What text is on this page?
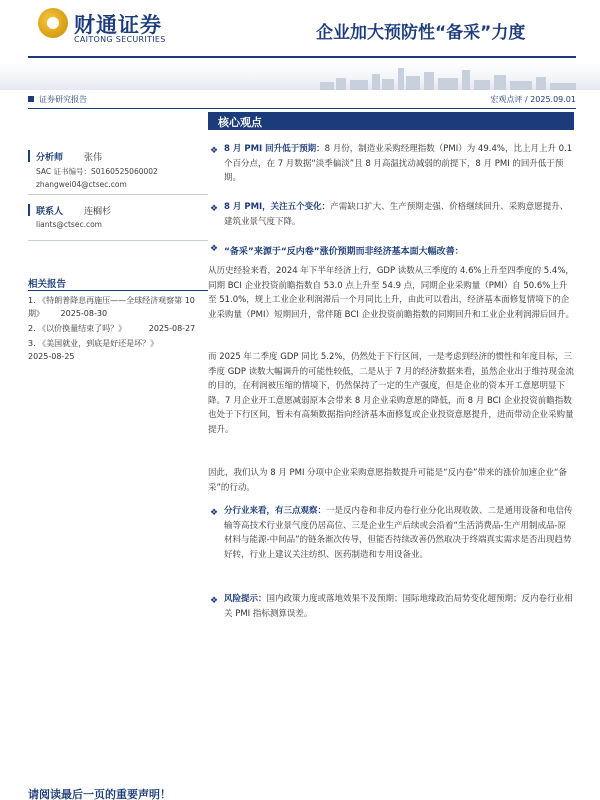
财通证券
CAITONG SECURITIES	企业加大预防性“备采”力度
证券研究报告	宏观点评 / 2025.09.01
分析师 张伟
SAC 证书编号：S0160525060002
zhangwei04@ctsec.com
联系人 连榈杉
liants@ctsec.com
相关报告
1. 《特朗普降息再施压——全球经济观察第 10 期》 2025-08-30
2. 《以价换量结束了吗？》	2025-08-27
3. 《美国就业，到底是好还是坏？》
2025-08-25
核心观点
❖ 8 月 PMI 回升低于预期：8 月份，制造业采购经理指数（PMI）为 49.4%，比上月上升 0.1 个百分点，在 7 月数据“淡季偏淡”且 8 月高温扰动减弱的前提下，8 月 PMI 的回升低于预期。
❖ 8 月 PMI，关注五个变化：产需缺口扩大、生产预期走强、价格继续回升、采购意愿提升、建筑业景气度下降。
❖ “备采”来源于“反内卷”涨价预期而非经济基本面大幅改善：
从历史经验来看，2024 年下半年经济上行，GDP 读数从三季度的 4.6%上升至四季度的 5.4%，同期 BCI 企业投资前瞻指数自 53.0 点上升至 54.9 点，同期企业采购量（PMI）自 50.6%上升至 51.0%，规上工业企业利润滞后一个月同比上升，由此可以看出，经济基本面修复情境下的企业采购量（PMI）短期回升，常伴随 BCI 企业投资前瞻指数的同期回升和工业企业利润滞后回升。
而 2025 年二季度 GDP 同比 5.2%，仍然处于下行区间，一是考虑到经济的惯性和年度目标，三季度 GDP 读数大幅调升的可能性较低，二是从于 7 月的经济数据来看，虽然企业出于维持现金流的目的，在利润被压缩的情境下，仍然保持了一定的生产强度，但是企业的资本开工意愿明显下降。7 月企业开工意愿减弱原本会带来 8 月企业采购意愿的降低，而 8 月 BCI 企业投资前瞻指数也处于下行区间，暂未有高频数据指向经济基本面修复或企业投资意愿提升，进而带动企业采购量提升。
因此，我们认为 8 月 PMI 分项中企业采购意愿指数提升可能是“反内卷”带来的涨价加速企业“备采”的行动。
❖ 分行业来看，有三点观察：一是反内卷和非反内卷行业分化出现收敛、二是通用设备和电信传输等高技术行业景气度仍居高位、三是企业生产后续或会沿着“生活消费品-生产用制成品-原材料与能源-中间品”的链条渐次传导，但能否持续改善仍然取决于终端真实需求是否出现趋势好转，行业上建议关注纺织、医药制造和专用设备业。
❖ 风险提示：国内政策力度或落地效果不及预期；国际地缘政治局势变化超预期；反内卷行业相关 PMI 指标测算误差。
请阅读最后一页的重要声明！
